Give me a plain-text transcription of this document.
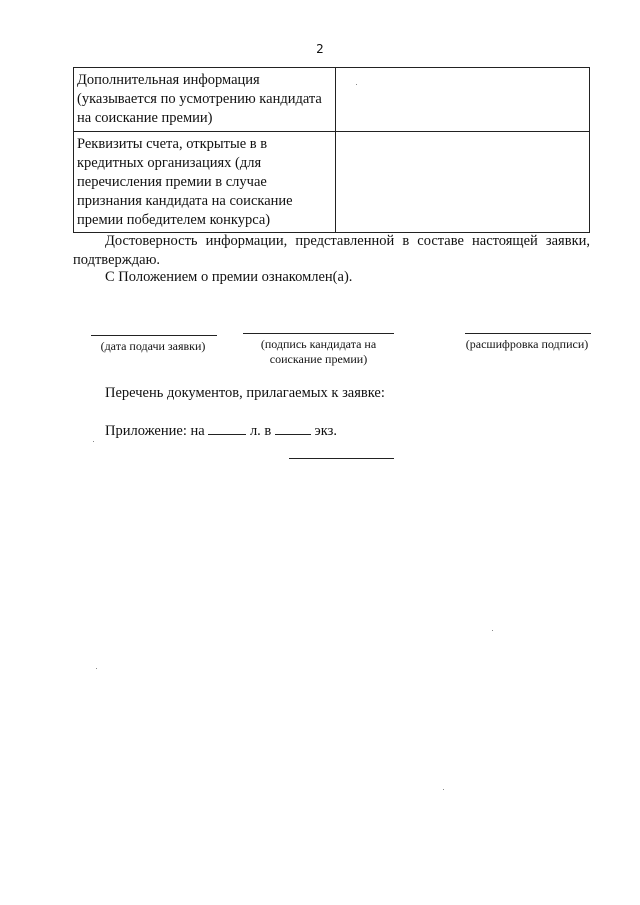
2
Дополнительная информация
(указывается по усмотрению кандидата
на соискание премии)	

Реквизиты счета, открытые в в
кредитных организациях (для
перечисления премии в случае
признания кандидата на соискание
премии победителем конкурса)	

Достоверность информации, представленной в составе настоящей заявки, подтверждаю.
С Положением о премии ознакомлен(а).
(дата подачи заявки)	(подпись кандидата на
соискание премии)
(расшифровка подписи)
Перечень документов, прилагаемых к заявке:
Приложение: на	л. в	экз.
